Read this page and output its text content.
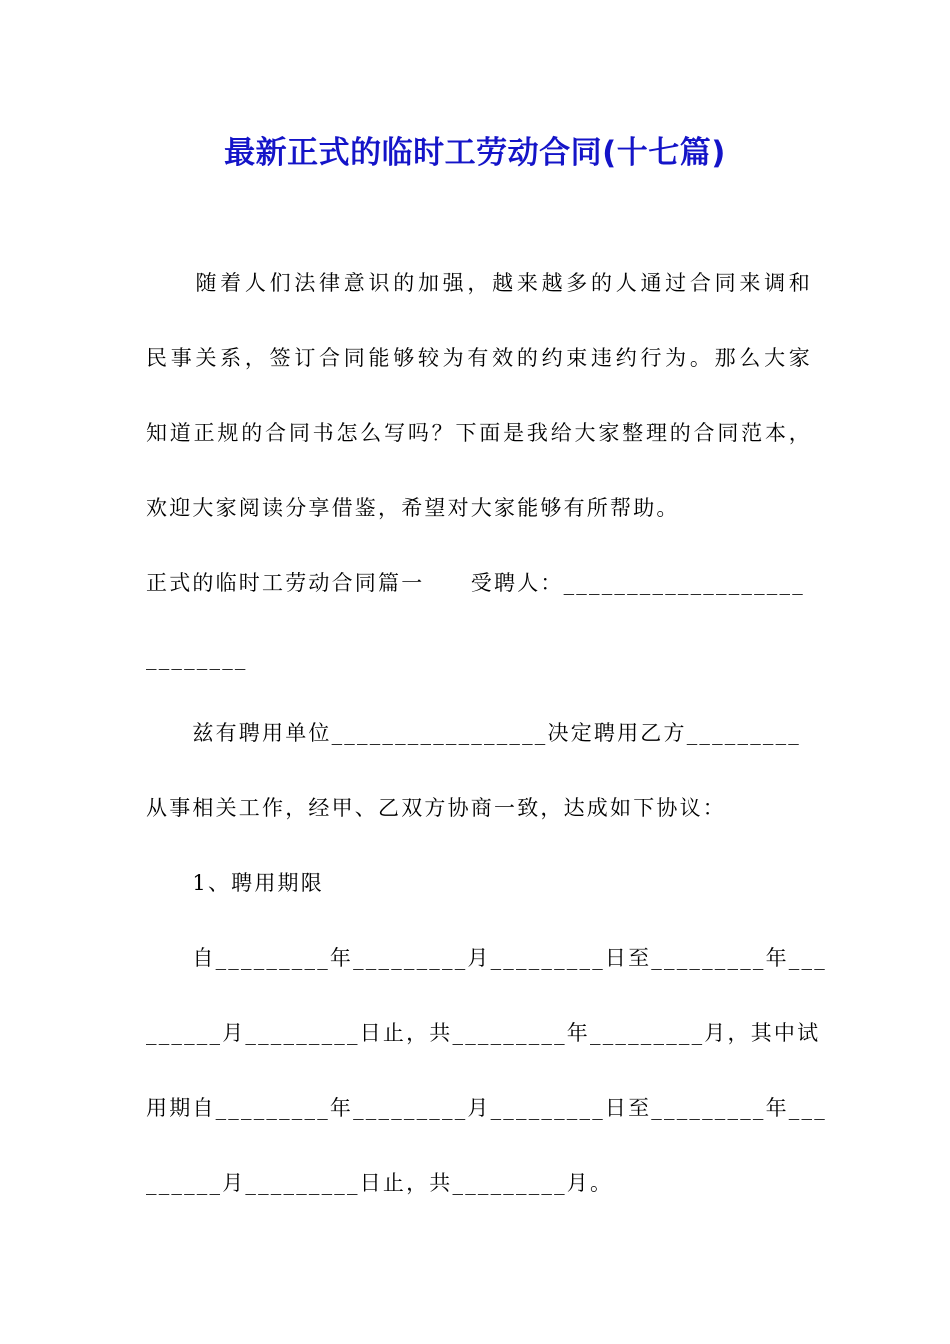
最新正式的临时工劳动合同(十七篇)
　　随着人们法律意识的加强，越来越多的人通过合同来调和
民事关系，签订合同能够较为有效的约束违约行为。那么大家
知道正规的合同书怎么写吗？下面是我给大家整理的合同范本，
欢迎大家阅读分享借鉴，希望对大家能够有所帮助。
正式的临时工劳动合同篇一　　受聘人：___________________
________
　　兹有聘用单位_________________决定聘用乙方_________
从事相关工作，经甲、乙双方协商一致，达成如下协议：
　　1、聘用期限
　　自_________年_________月_________日至_________年___
______月_________日止，共_________年_________月，其中试
用期自_________年_________月_________日至_________年___
______月_________日止，共_________月。
